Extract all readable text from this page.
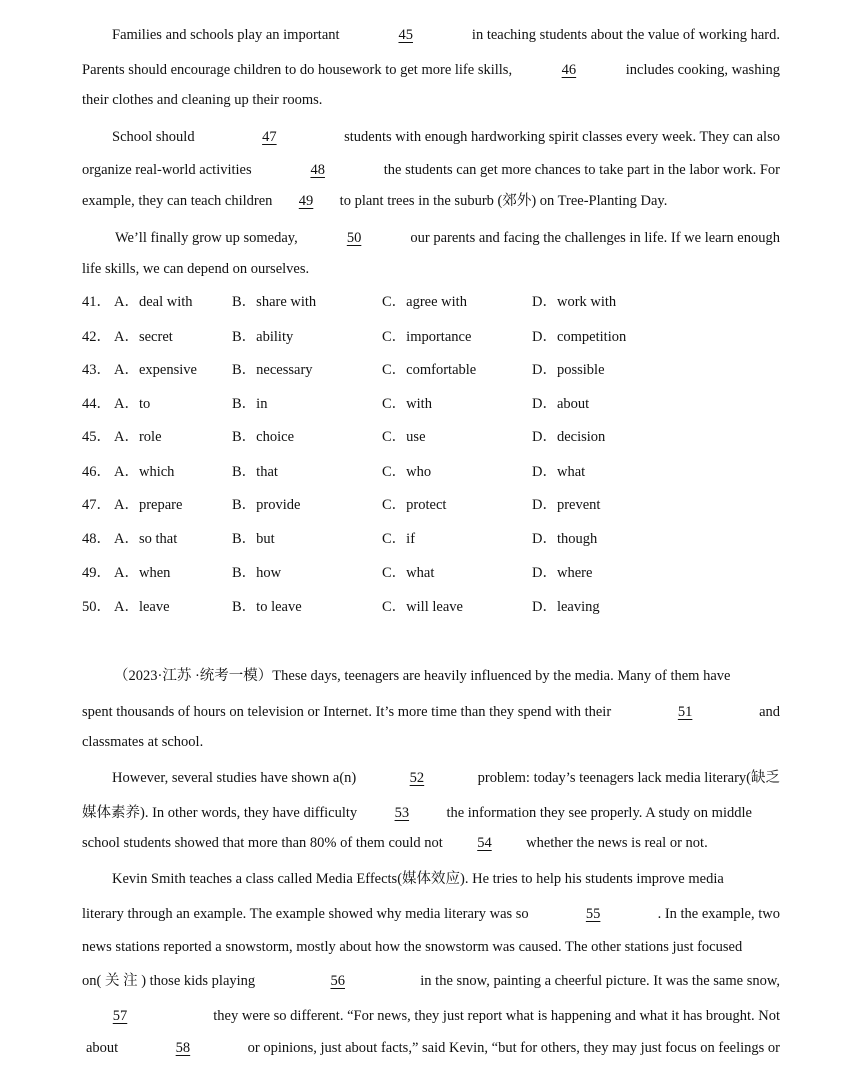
Families and schools play an important	45	in teaching students about the value of working hard.
Parents should encourage children to do housework to get more life skills,	46	includes cooking, washing
their clothes and cleaning up their rooms.
School should	47	students with enough hardworking spirit classes every week. They can also
organize real-world activities	48	the students can get more chances to take part in the labor work. For
example, they can teach children 49 to plant trees in the suburb (郊外) on Tree-Planting Day.
We’ll finally grow up someday,	50	our parents and facing the challenges in life. If we learn enough
life skills, we can depend on ourselves.
41． A．deal with	B．share with	C．agree with	D．work with
42． A．secret	B．ability	C．importance	D．competition
43． A．expensive B．necessary	C．comfortable	D．possible
44． A．to	B．in	C．with	D．about
45． A．role	B．choice	C．use	D．decision
46． A．which	B．that	C．who	D．what
47． A．prepare	B．provide	C．protect	D．prevent
48． A．so that	B．but	C．if	D．though
49． A．when	B．how	C．what	D．where
50． A．leave	B．to leave	C．will leave	D．leaving
（2023·江苏 ·统考一模）These days, teenagers are heavily influenced by the media. Many of them have
spent thousands of hours on television or Internet. It’s more time than they spend with their	51	and
classmates at school.
However, several studies have shown a(n)	52	problem: today’s teenagers lack media literary(缺乏
媒体素养). In other words, they have difficulty	53	the information they see properly. A study on middle
school students showed that more than 80% of them could not 54 whether the news is real or not.
Kevin Smith teaches a class called Media Effects(媒体效应). He tries to help his students improve media
literary through an example. The example showed why media literary was so	55	. In the example, two
news stations reported a snowstorm, mostly about how the snowstorm was caused. The other stations just focused
on( 关 注 ) those kids playing	56	in the snow, painting a cheerful picture. It was the same snow,
57	they were so different. “For news, they just report what is happening and what it has brought. Not
about	58	or opinions, just about facts,” said Kevin, “but for others, they may just focus on feelings or
